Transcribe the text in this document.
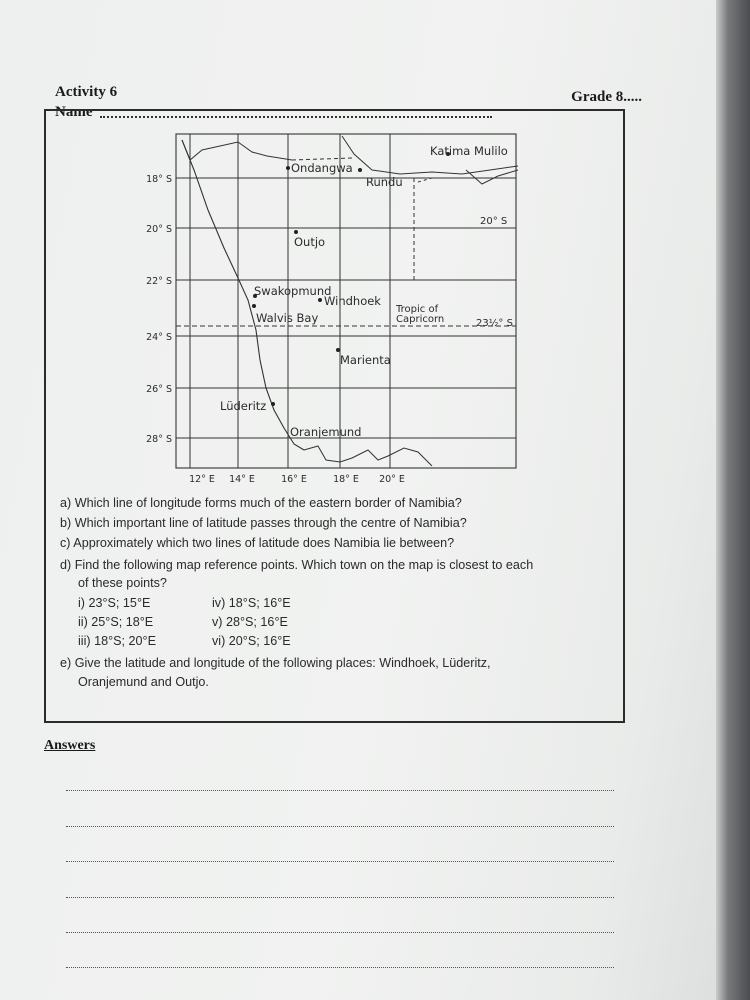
Activity 6
Name
Grade 8.....
18° S
20° S
22° S
24° S
26° S
28° S
12° E 14° E	16° E	18° E 20° E
Katima Mulilo
Ondangwa
Rundu
Outjo
Swakopmund
Windhoek
Walvis Bay
Marienta
Lüderitz
Oranjemund
Tropic of
Capricorn	23½° S
20° S
a) Which line of longitude forms much of the eastern border of Namibia?
b) Which important line of latitude passes through the centre of Namibia?
c) Approximately which two lines of latitude does Namibia lie between?
d) Find the following map reference points. Which town on the map is closest to each
of these points?
i) 23°S; 15°E
ii) 25°S; 18°E
iii) 18°S; 20°E
iv) 18°S; 16°E
v) 28°S; 16°E
vi) 20°S; 16°E
e) Give the latitude and longitude of the following places: Windhoek, Lüderitz,
Oranjemund and Outjo.
Answers
